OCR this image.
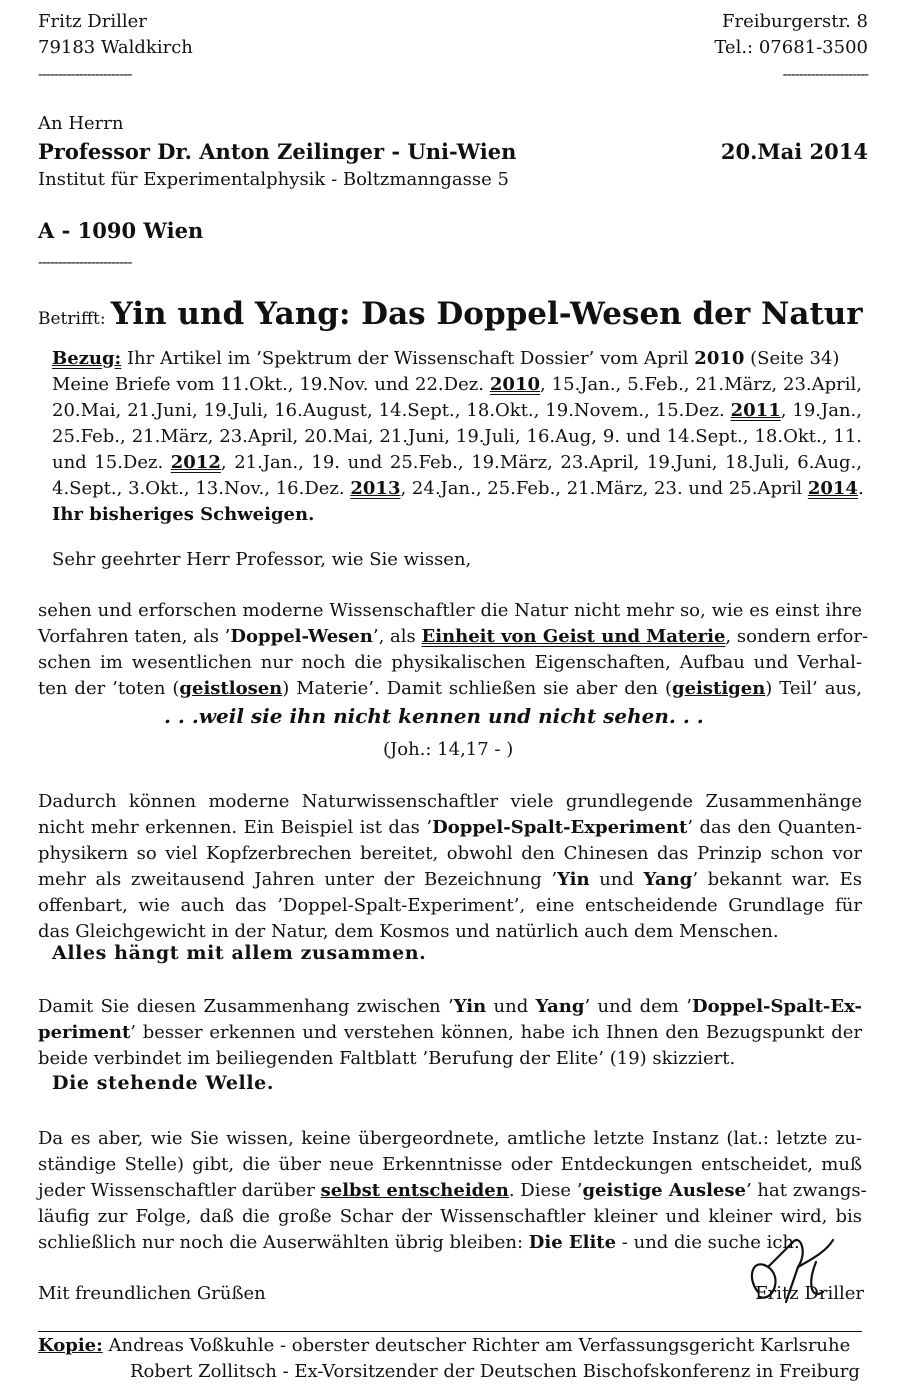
Fritz Driller
79183 Waldkirch
-----------------------
Freiburgerstr. 8
Tel.: 07681-3500
---------------------
An Herrn
Professor Dr. Anton Zeilinger - Uni-Wien	20.Mai 2014
Institut für Experimentalphysik - Boltzmanngasse 5
A - 1090 Wien
-----------------------
Betrifft: Yin und Yang: Das Doppel-Wesen der Natur
Bezug: Ihr Artikel im ’Spektrum der Wissenschaft Dossier’ vom April 2010 (Seite 34)
Meine Briefe vom 11.Okt., 19.Nov. und 22.Dez. 2010, 15.Jan., 5.Feb., 21.März, 23.April,
20.Mai, 21.Juni, 19.Juli, 16.August, 14.Sept., 18.Okt., 19.Novem., 15.Dez. 2011, 19.Jan.,
25.Feb., 21.März, 23.April, 20.Mai, 21.Juni, 19.Juli, 16.Aug, 9. und 14.Sept., 18.Okt., 11.
und 15.Dez. 2012, 21.Jan., 19. und 25.Feb., 19.März, 23.April, 19.Juni, 18.Juli, 6.Aug.,
4.Sept., 3.Okt., 13.Nov., 16.Dez. 2013, 24.Jan., 25.Feb., 21.März, 23. und 25.April 2014.
Ihr bisheriges Schweigen.
Sehr geehrter Herr Professor, wie Sie wissen,
sehen und erforschen moderne Wissenschaftler die Natur nicht mehr so, wie es einst ihre
Vorfahren taten, als ’Doppel-Wesen’, als Einheit von Geist und Materie, sondern erfor-
schen im wesentlichen nur noch die physikalischen Eigenschaften, Aufbau und Verhal-
ten der ’toten (geistlosen) Materie’. Damit schließen sie aber den (geistigen) Teil’ aus,
. . .weil sie ihn nicht kennen und nicht sehen. . .
(Joh.: 14,17 - )
Dadurch können moderne Naturwissenschaftler viele grundlegende Zusammenhänge
nicht mehr erkennen. Ein Beispiel ist das ’Doppel-Spalt-Experiment’ das den Quanten-
physikern so viel Kopfzerbrechen bereitet, obwohl den Chinesen das Prinzip schon vor
mehr als zweitausend Jahren unter der Bezeichnung ’Yin und Yang’ bekannt war. Es
offenbart, wie auch das ’Doppel-Spalt-Experiment’, eine entscheidende Grundlage für
das Gleichgewicht in der Natur, dem Kosmos und natürlich auch dem Menschen.
Alles hängt mit allem zusammen.
Damit Sie diesen Zusammenhang zwischen ’Yin und Yang’ und dem ’Doppel-Spalt-Ex-
periment’ besser erkennen und verstehen können, habe ich Ihnen den Bezugspunkt der
beide verbindet im beiliegenden Faltblatt ’Berufung der Elite’ (19) skizziert.
Die stehende Welle.
Da es aber, wie Sie wissen, keine übergeordnete, amtliche letzte Instanz (lat.: letzte zu-
ständige Stelle) gibt, die über neue Erkenntnisse oder Entdeckungen entscheidet, muß
jeder Wissenschaftler darüber selbst entscheiden. Diese ’geistige Auslese’ hat zwangs-
läufig zur Folge, daß die große Schar der Wissenschaftler kleiner und kleiner wird, bis
schließlich nur noch die Auserwählten übrig bleiben: Die Elite - und die suche ich.
Mit freundlichen Grüßen	Fritz Driller
Kopie: Andreas Voßkuhle - oberster deutscher Richter am Verfassungsgericht Karlsruhe
Robert Zollitsch - Ex-Vorsitzender der Deutschen Bischofskonferenz in Freiburg
